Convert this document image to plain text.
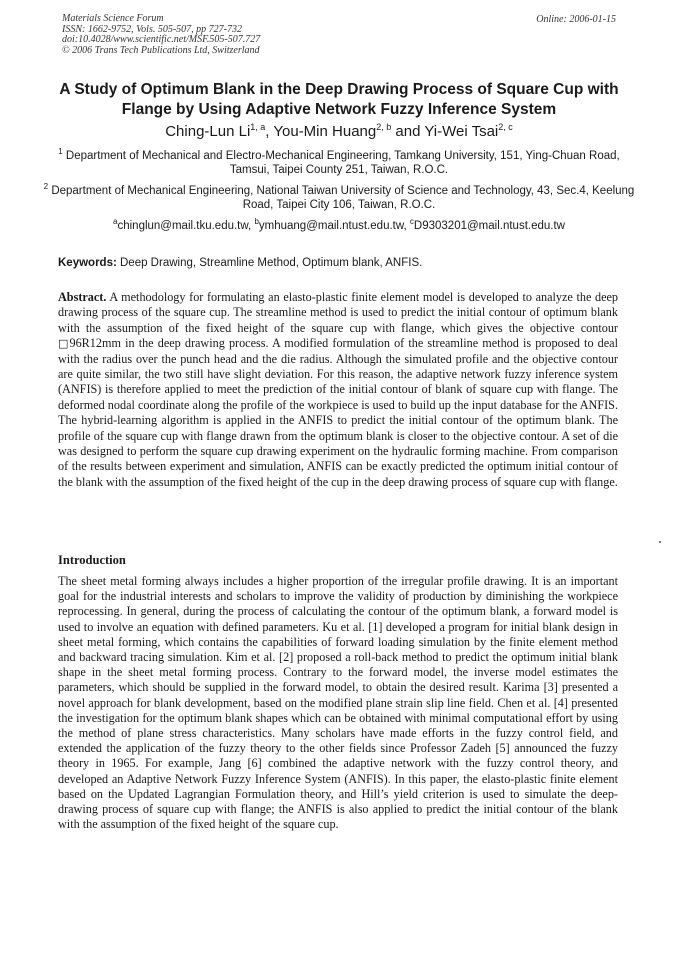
Materials Science Forum
ISSN: 1662-9752, Vols. 505-507, pp 727-732
doi:10.4028/www.scientific.net/MSF.505-507.727
© 2006 Trans Tech Publications Ltd, Switzerland
Online: 2006-01-15
A Study of Optimum Blank in the Deep Drawing Process of Square Cup with Flange by Using Adaptive Network Fuzzy Inference System
Ching-Lun Li$^{1, a}$, You-Min Huang$^{2, b}$ and Yi-Wei Tsai$^{2, c}$
$^1$ Department of Mechanical and Electro-Mechanical Engineering, Tamkang University, 151, Ying-Chuan Road, Tamsui, Taipei County 251, Taiwan, R.O.C.
$^2$ Department of Mechanical Engineering, National Taiwan University of Science and Technology, 43, Sec.4, Keelung Road, Taipei City 106, Taiwan, R.O.C.
$^a$chinglun@mail.tku.edu.tw, $^b$ymhuang@mail.ntust.edu.tw, $^c$D9303201@mail.ntust.edu.tw
Keywords: Deep Drawing, Streamline Method, Optimum blank, ANFIS.

Abstract. A methodology for formulating an elasto-plastic finite element model is developed to analyze the deep drawing process of the square cup. The streamline method is used to predict the initial contour of optimum blank with the assumption of the fixed height of the square cup with flange, which gives the objective contour □96R12mm in the deep drawing process. A modified formulation of the streamline method is proposed to deal with the radius over the punch head and the die radius. Although the simulated profile and the objective contour are quite similar, the two still have slight deviation. For this reason, the adaptive network fuzzy inference system (ANFIS) is therefore applied to meet the prediction of the initial contour of blank of square cup with flange. The deformed nodal coordinate along the profile of the workpiece is used to build up the input database for the ANFIS. The hybrid-learning algorithm is applied in the ANFIS to predict the initial contour of the optimum blank. The profile of the square cup with flange drawn from the optimum blank is closer to the objective contour. A set of die was designed to perform the square cup drawing experiment on the hydraulic forming machine. From comparison of the results between experiment and simulation, ANFIS can be exactly predicted the optimum initial contour of the blank with the assumption of the fixed height of the cup in the deep drawing process of square cup with flange.

Introduction

The sheet metal forming always includes a higher proportion of the irregular profile drawing. It is an important goal for the industrial interests and scholars to improve the validity of production by diminishing the workpiece reprocessing. In general, during the process of calculating the contour of the optimum blank, a forward model is used to involve an equation with defined parameters. Ku et al. [1] developed a program for initial blank design in sheet metal forming, which contains the capabilities of forward loading simulation by the finite element method and backward tracing simulation. Kim et al. [2] proposed a roll-back method to predict the optimum initial blank shape in the sheet metal forming process. Contrary to the forward model, the inverse model estimates the parameters, which should be supplied in the forward model, to obtain the desired result. Karima [3] presented a novel approach for blank development, based on the modified plane strain slip line field. Chen et al. [4] presented the investigation for the optimum blank shapes which can be obtained with minimal computational effort by using the method of plane stress characteristics. Many scholars have made efforts in the fuzzy control field, and extended the application of the fuzzy theory to the other fields since Professor Zadeh [5] announced the fuzzy theory in 1965. For example, Jang [6] combined the adaptive network with the fuzzy control theory, and developed an Adaptive Network Fuzzy Inference System (ANFIS). In this paper, the elasto-plastic finite element based on the Updated Lagrangian Formulation theory, and Hill’s yield criterion is used to simulate the deep-drawing process of square cup with flange; the ANFIS is also applied to predict the initial contour of the blank with the assumption of the fixed height of the square cup.
